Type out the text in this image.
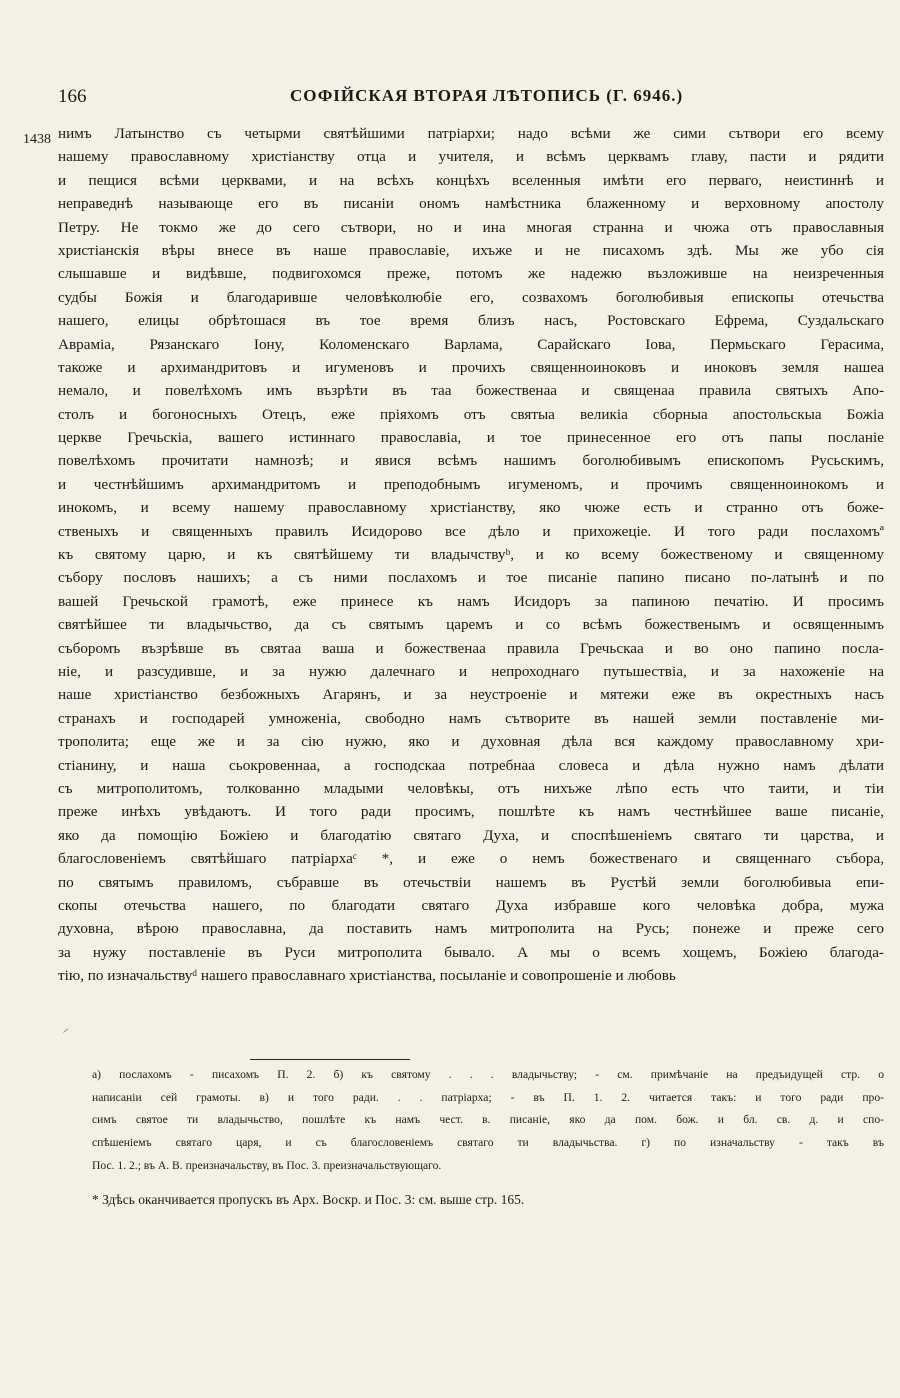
166	СОФІЙСКАЯ ВТОРАЯ ЛѢТОПИСЬ (Г. 6946.)
1438 нимъ Латынство съ четырми святѣйшими патріархи; надо всѣми же сими сътвори его всему
нашему православному христіанству отца и учителя, и всѣмъ церквамъ главу, пасти и рядити
и пещися всѣми церквами, и на всѣхъ концѣхъ вселенныя имѣти его перваго, неистиннѣ и
неправеднѣ называюще его въ писаніи ономъ намѣстника блаженному и верховному апостолу
Петру. Не токмо же до сего сътвори, но и ина многая странна и чюжа отъ православныя
христіанскія вѣры внесе въ наше православіе, ихъже и не писахомъ здѣ. Мы же убо сія
слышавше и видѣвше, подвигохомся преже, потомъ же надежю възложивше на неизреченныя
судбы Божія и благодаривше человѣколюбіе его, созвахомъ боголюбивыя епископы отечьства
нашего, елицы обрѣтошася въ тое время близъ насъ, Ростовскаго Ефрема, Суздальскаго
Авраміа, Рязанскаго Іону, Коломенскаго Варлама, Сарайскаго Іова, Пермьскаго Герасима,
такоже и архимандритовъ и игуменовъ и прочихъ священноиноковъ и иноковъ земля нашеа
немало, и повелѣхомъ имъ възрѣти въ таа божественаа и священаа правила святыхъ Апо-
столъ и богоносныхъ Отецъ, еже пріяхомъ отъ святыа великіа сборныа апостольскыа Божіа
церкве Гречьскіа, вашего истиннаго православіа, и тое принесенное его отъ папы посланіе
повелѣхомъ прочитати намнозѣ; и явися всѣмъ нашимъ боголюбивымъ епископомъ Русьскимъ,
и честнѣйшимъ архимандритомъ и преподобнымъ игуменомъ, и прочимъ священноинокомъ и
инокомъ, и всему нашему православному христіанству, яко чюже есть и странно отъ боже-
ственыхъ и священныхъ правилъ Исидорово все дѣло и прихожеціе. И того ради послахомъª
къ святому царю, и къ святѣйшему ти владычствуᵇ, и ко всему божественому и священному
събору пословъ нашихъ; а съ ними послахомъ и тое писаніе папино писано по-латынѣ и по
вашей Гречьской грамотѣ, еже принесе къ намъ Исидоръ за папиною печатію. И просимъ
святѣйшее ти владычьство, да съ святымъ царемъ и со всѣмъ божественымъ и освященнымъ
съборомъ възрѣвше въ святаа ваша и божественаа правила Гречьскаа и во оно папино посла-
ніе, и разсудивше, и за нужю далечнаго и непроходнаго путьшествіа, и за нахоженіе на
наше христіанство безбожныхъ Агарянъ, и за неустроеніе и мятежи еже въ окрестныхъ насъ
странахъ и господарей умноженіа, свободно намъ сътворите въ нашей земли поставленіе ми-
трополита; еще же и за сію нужю, яко и духовная дѣла вся каждому православному хри-
стіанину, и наша сьокровеннаа, а господскаа потребнаа словеса и дѣла нужно намъ дѣлати
съ митрополитомъ, толкованно младыми человѣкы, отъ нихъже лѣпо есть что таити, и тіи
преже инѣхъ увѣдаютъ. И того ради просимъ, пошлѣте къ намъ честнѣйшее ваше писаніе,
яко да помощію Божіею и благодатію святаго Духа, и споспѣшеніемъ святаго ти царства, и
благословеніемъ святѣйшаго патріархаᶜ *, и еже о немъ божественаго и священнаго събора,
по святымъ правиломъ, събравше въ отечьствіи нашемъ въ Рустѣй земли боголюбивыа епи-
скопы отечьства нашего, по благодати святаго Духа избравше кого человѣка добра, мужа
духовна, вѣрою православна, да поставить намъ митрополита на Русь; понеже и преже сего
за нужу поставленіе въ Руси митрополита бывало. А мы о всемъ хощемъ, Божіею благода-
тію, по изначальствуᵈ нашего православнаго христіанства, посыланіе и совопрошеніе и любовь
а) послахомъ - писахомъ П. 2. б) къ святому . . . владычьству; - см. примѣчаніе на предъидущей стр. о
написаніи сей грамоты. в) и того ради. . . патріарха; - въ П. 1. 2. читается такъ: и того ради про-
симъ святое ти владычьство, пошлѣте къ намъ чест. в. писаніе, яко да пом. бож. и бл. св. д. и спо-
спѣшеніемъ святаго царя, и съ благословеніемъ святаго ти владычьства. г) по изначальству - такъ въ
Пос. 1. 2.; въ А. В. преизначальству, въ Пос. 3. преизначальствующаго.
* Здѣсь оканчивается пропускъ въ Арх. Воскр. и Пос. 3: см. выше стр. 165.
